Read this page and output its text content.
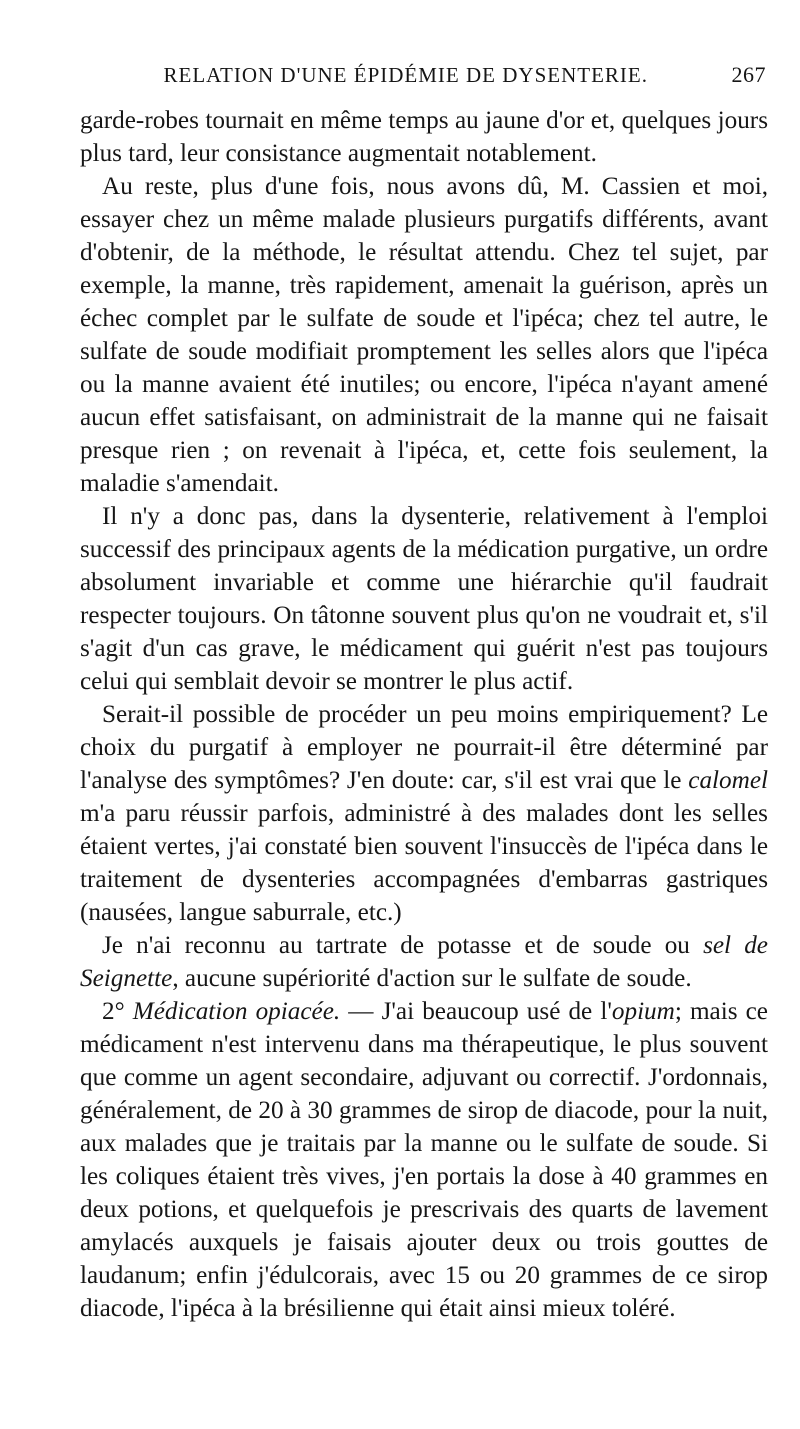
RELATION D'UNE ÉPIDÉMIE DE DYSENTERIE.	267

garde-robes tournait en même temps au jaune d'or et, quelques jours plus tard, leur consistance augmentait notablement.

Au reste, plus d'une fois, nous avons dû, M. Cassien et moi, essayer chez un même malade plusieurs purgatifs différents, avant d'obtenir, de la méthode, le résultat attendu. Chez tel sujet, par exemple, la manne, très rapidement, amenait la guérison, après un échec complet par le sulfate de soude et l'ipéca; chez tel autre, le sulfate de soude modifiait promptement les selles alors que l'ipéca ou la manne avaient été inutiles; ou encore, l'ipéca n'ayant amené aucun effet satisfaisant, on administrait de la manne qui ne faisait presque rien ; on revenait à l'ipéca, et, cette fois seulement, la maladie s'amendait.

Il n'y a donc pas, dans la dysenterie, relativement à l'emploi successif des principaux agents de la médication purgative, un ordre absolument invariable et comme une hiérarchie qu'il faudrait respecter toujours. On tâtonne souvent plus qu'on ne voudrait et, s'il s'agit d'un cas grave, le médicament qui guérit n'est pas toujours celui qui semblait devoir se montrer le plus actif.

Serait-il possible de procéder un peu moins empiriquement? Le choix du purgatif à employer ne pourrait-il être déterminé par l'analyse des symptômes? J'en doute: car, s'il est vrai que le calomel m'a paru réussir parfois, administré à des malades dont les selles étaient vertes, j'ai constaté bien souvent l'insuccès de l'ipéca dans le traitement de dysenteries accompagnées d'embarras gastriques (nausées, langue saburrale, etc.)

Je n'ai reconnu au tartrate de potasse et de soude ou sel de Seignette, aucune supériorité d'action sur le sulfate de soude.

2° Médication opiacée. — J'ai beaucoup usé de l'opium; mais ce médicament n'est intervenu dans ma thérapeutique, le plus souvent que comme un agent secondaire, adjuvant ou correctif. J'ordonnais, généralement, de 20 à 30 grammes de sirop de diacode, pour la nuit, aux malades que je traitais par la manne ou le sulfate de soude. Si les coliques étaient très vives, j'en portais la dose à 40 grammes en deux potions, et quelquefois je prescrivais des quarts de lavement amylacés auxquels je faisais ajouter deux ou trois gouttes de laudanum; enfin j'édulcorais, avec 15 ou 20 grammes de ce sirop diacode, l'ipéca à la brésilienne qui était ainsi mieux toléré.
